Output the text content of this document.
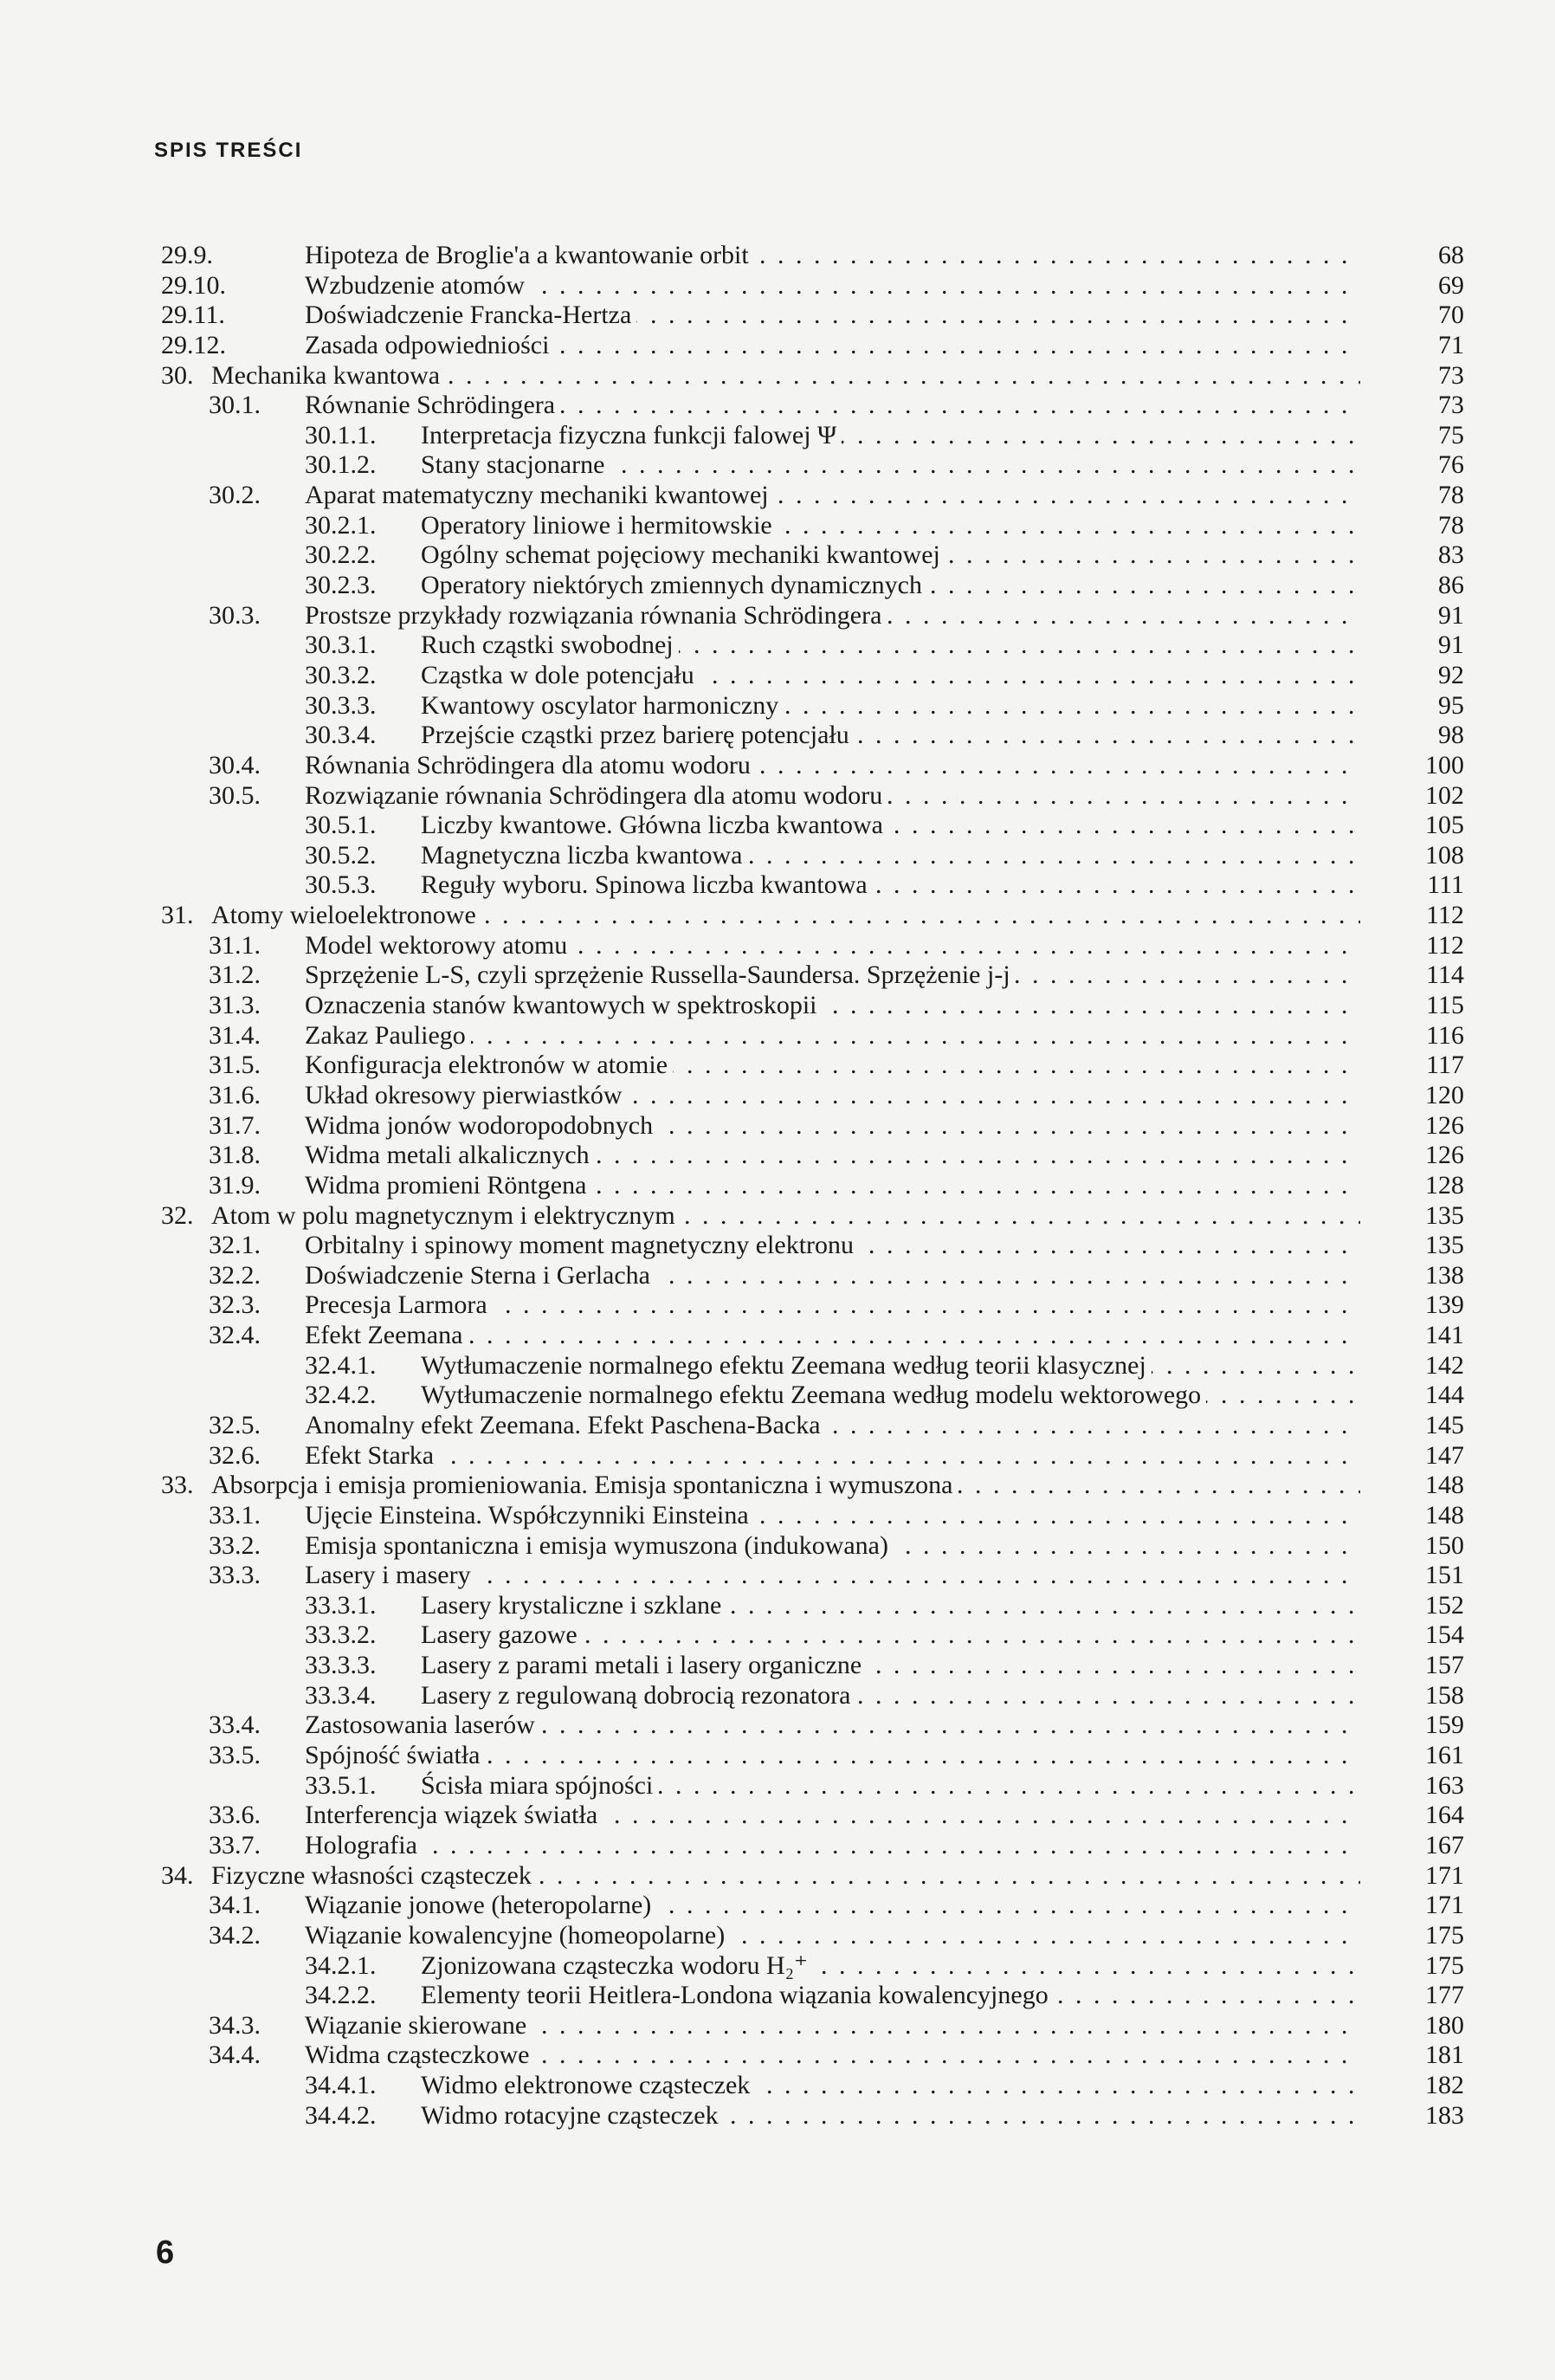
SPIS TREŚCI
29.9.	Hipoteza de Broglie'a a kwantowanie orbit . . .	68
29.10.	Wzbudzenie atomów . . .	69
29.11.	Doświadczenie Francka-Hertza . . .	70
29.12.	Zasada odpowiedniości . . .	71
30. Mechanika kwantowa . . .	73
30.1. Równanie Schrödingera . . .	73
30.1.1. Interpretacja fizyczna funkcji falowej Ψ . . .	75
30.1.2. Stany stacjonarne . . .	76
30.2. Aparat matematyczny mechaniki kwantowej . . .	78
30.2.1. Operatory liniowe i hermitowskie . . .	78
30.2.2. Ogólny schemat pojęciowy mechaniki kwantowej . . .	83
30.2.3. Operatory niektórych zmiennych dynamicznych . . .	86
30.3. Prostsze przykłady rozwiązania równania Schrödingera . . .	91
30.3.1. Ruch cząstki swobodnej . . .	91
30.3.2. Cząstka w dole potencjału . . .	92
30.3.3. Kwantowy oscylator harmoniczny . . .	95
30.3.4. Przejście cząstki przez barierę potencjału . . .	98
30.4. Równania Schrödingera dla atomu wodoru . . .	100
30.5. Rozwiązanie równania Schrödingera dla atomu wodoru . . .	102
30.5.1. Liczby kwantowe. Główna liczba kwantowa . . .	105
30.5.2. Magnetyczna liczba kwantowa . . .	108
30.5.3. Reguły wyboru. Spinowa liczba kwantowa . . .	111
31. Atomy wieloelektronowe . . .	112
31.1. Model wektorowy atomu . . .	112
31.2. Sprzężenie L-S, czyli sprzężenie Russella-Saundersa. Sprzężenie j-j . . .	114
31.3. Oznaczenia stanów kwantowych w spektroskopii . . .	115
31.4. Zakaz Pauliego . . .	116
31.5. Konfiguracja elektronów w atomie . . .	117
31.6. Układ okresowy pierwiastków . . .	120
31.7. Widma jonów wodoropodobnych . . .	126
31.8. Widma metali alkalicznych . . .	126
31.9. Widma promieni Röntgena . . .	128
32. Atom w polu magnetycznym i elektrycznym . . .	135
32.1. Orbitalny i spinowy moment magnetyczny elektronu . . .	135
32.2. Doświadczenie Sterna i Gerlacha . . .	138
32.3. Precesja Larmora . . .	139
32.4. Efekt Zeemana . . .	141
32.4.1. Wytłumaczenie normalnego efektu Zeemana według teorii klasycznej . . .	142
32.4.2. Wytłumaczenie normalnego efektu Zeemana według modelu wektorowego . . .	144
32.5. Anomalny efekt Zeemana. Efekt Paschena-Backa . . .	145
32.6. Efekt Starka . . .	147
33. Absorpcja i emisja promieniowania. Emisja spontaniczna i wymuszona . . .	148
33.1. Ujęcie Einsteina. Współczynniki Einsteina . . .	148
33.2. Emisja spontaniczna i emisja wymuszona (indukowana) . . .	150
33.3. Lasery i masery . . .	151
33.3.1. Lasery krystaliczne i szklane . . .	152
33.3.2. Lasery gazowe . . .	154
33.3.3. Lasery z parami metali i lasery organiczne . . .	157
33.3.4. Lasery z regulowaną dobrocią rezonatora . . .	158
33.4. Zastosowania laserów . . .	159
33.5. Spójność światła . . .	161
33.5.1. Ścisła miara spójności . . .	163
33.6. Interferencja wiązek światła . . .	164
33.7. Holografia . . .	167
34. Fizyczne własności cząsteczek . . .	171
34.1. Wiązanie jonowe (heteropolarne) . . .	171
34.2. Wiązanie kowalencyjne (homeopolarne) . . .	175
34.2.1. Zjonizowana cząsteczka wodoru H₂⁺ . . .	175
34.2.2. Elementy teorii Heitlera-Londona wiązania kowalencyjnego . . .	177
34.3. Wiązanie skierowane . . .	180
34.4. Widma cząsteczkowe . . .	181
34.4.1. Widmo elektronowe cząsteczek . . .	182
34.4.2. Widmo rotacyjne cząsteczek . . .	183
6
